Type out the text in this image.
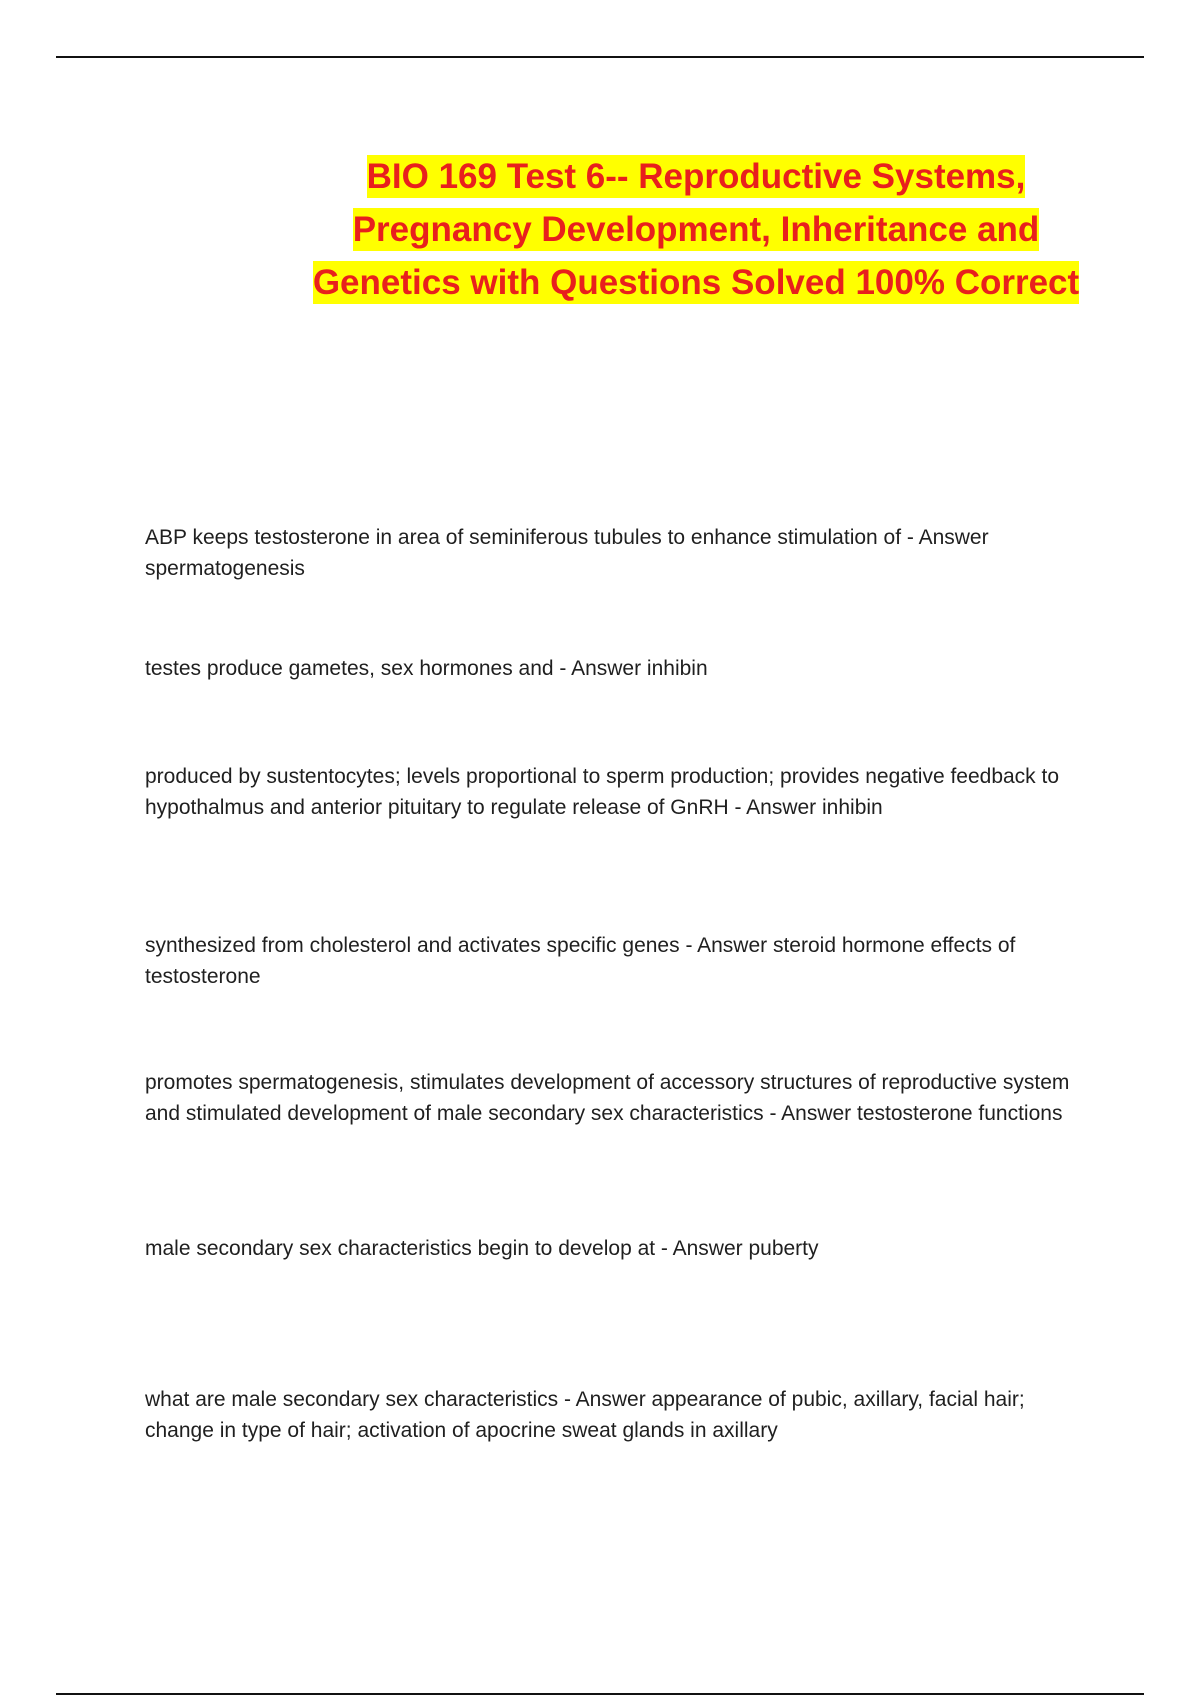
BIO 169 Test 6-- Reproductive Systems, Pregnancy Development, Inheritance and Genetics with Questions Solved 100% Correct

ABP keeps testosterone in area of seminiferous tubules to enhance stimulation of - Answer spermatogenesis

testes produce gametes, sex hormones and - Answer inhibin

produced by sustentocytes; levels proportional to sperm production; provides negative feedback to hypothalmus and anterior pituitary to regulate release of GnRH - Answer inhibin

synthesized from cholesterol and activates specific genes - Answer steroid hormone effects of testosterone

promotes spermatogenesis, stimulates development of accessory structures of reproductive system and stimulated development of male secondary sex characteristics - Answer testosterone functions

male secondary sex characteristics begin to develop at - Answer puberty

what are male secondary sex characteristics - Answer appearance of pubic, axillary, facial hair; change in type of hair; activation of apocrine sweat glands in axillary
